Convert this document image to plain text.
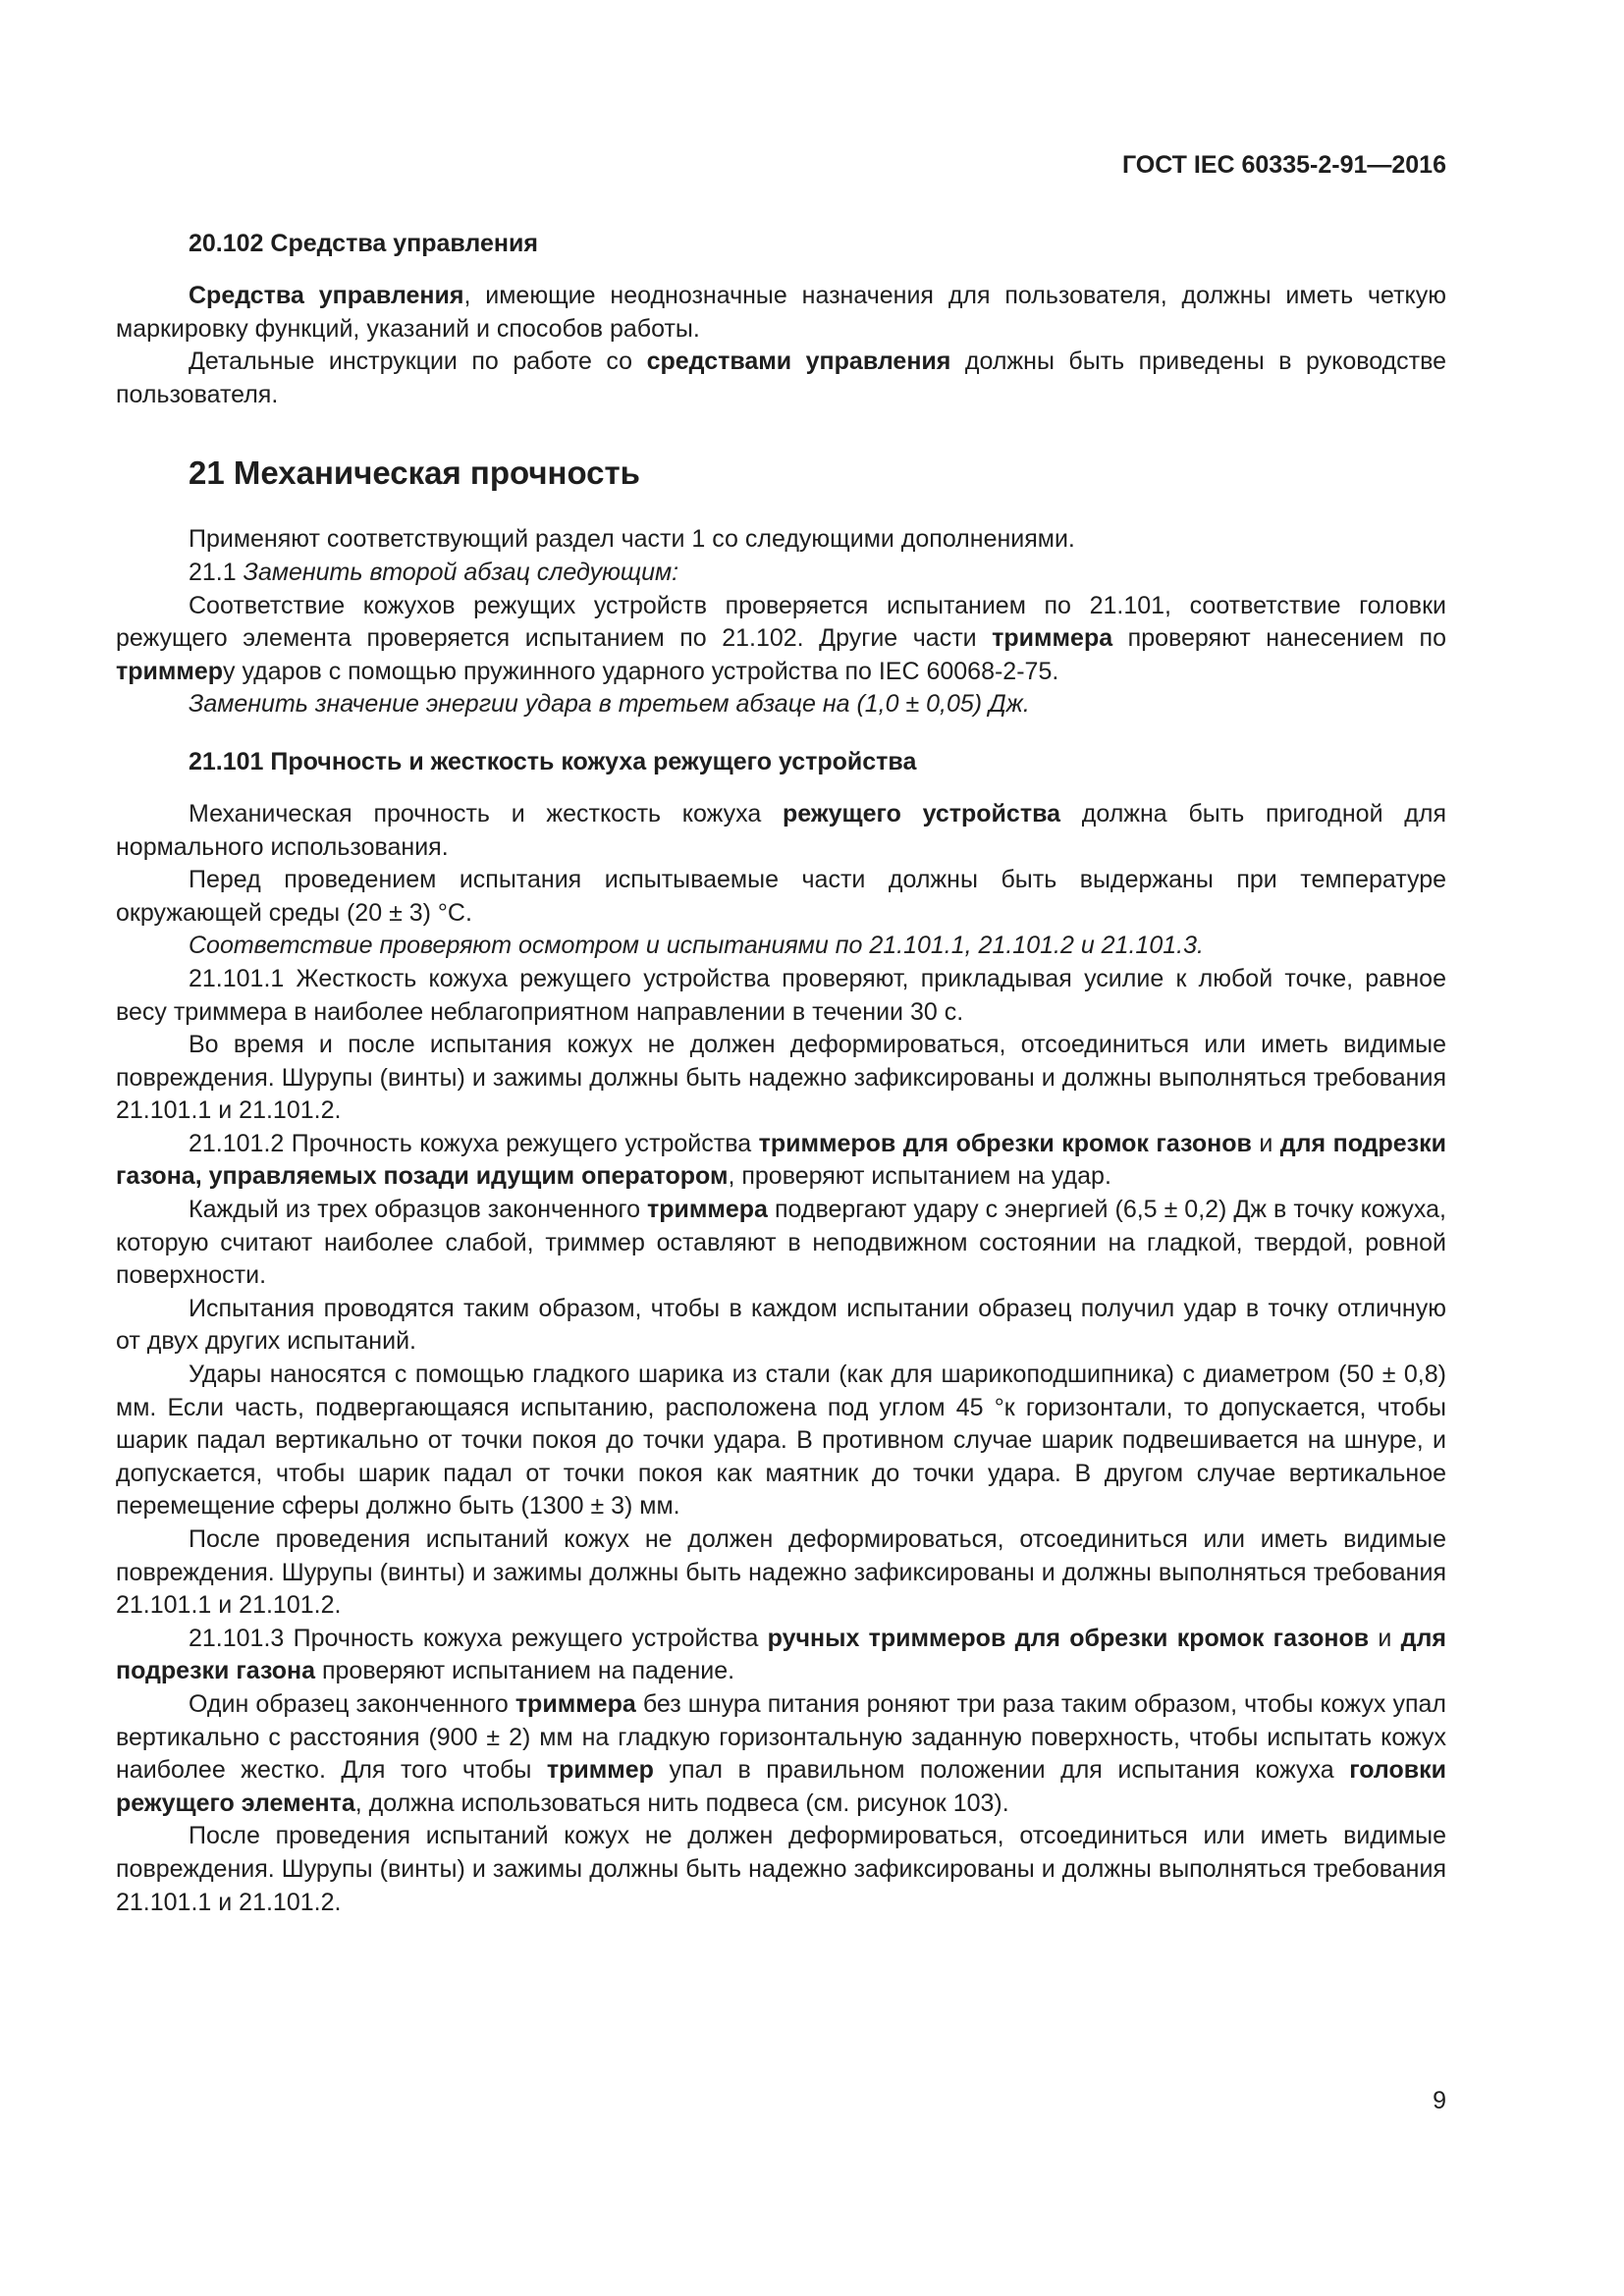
ГОСТ IEC 60335-2-91—2016
20.102 Средства управления

Средства управления, имеющие неоднозначные назначения для пользователя, должны иметь четкую маркировку функций, указаний и способов работы.

Детальные инструкции по работе со средствами управления должны быть приведены в руководстве пользователя.

21 Механическая прочность

Применяют соответствующий раздел части 1 со следующими дополнениями.

21.1 Заменить второй абзац следующим:

Соответствие кожухов режущих устройств проверяется испытанием по 21.101, соответствие головки режущего элемента проверяется испытанием по 21.102. Другие части триммера проверяют нанесением по триммеру ударов с помощью пружинного ударного устройства по IEC 60068-2-75.

Заменить значение энергии удара в третьем абзаце на (1,0 ± 0,05) Дж.

21.101 Прочность и жесткость кожуха режущего устройства

Механическая прочность и жесткость кожуха режущего устройства должна быть пригодной для нормального использования.

Перед проведением испытания испытываемые части должны быть выдержаны при температуре окружающей среды (20 ± 3) °С.

Соответствие проверяют осмотром и испытаниями по 21.101.1, 21.101.2 и 21.101.3.

21.101.1 Жесткость кожуха режущего устройства проверяют, прикладывая усилие к любой точке, равное весу триммера в наиболее неблагоприятном направлении в течении 30 с.

Во время и после испытания кожух не должен деформироваться, отсоединиться или иметь видимые повреждения. Шурупы (винты) и зажимы должны быть надежно зафиксированы и должны выполняться требования 21.101.1 и 21.101.2.

21.101.2 Прочность кожуха режущего устройства триммеров для обрезки кромок газонов и для подрезки газона, управляемых позади идущим оператором, проверяют испытанием на удар.

Каждый из трех образцов законченного триммера подвергают удару с энергией (6,5 ± 0,2) Дж в точку кожуха, которую считают наиболее слабой, триммер оставляют в неподвижном состоянии на гладкой, твердой, ровной поверхности.

Испытания проводятся таким образом, чтобы в каждом испытании образец получил удар в точку отличную от двух других испытаний.

Удары наносятся с помощью гладкого шарика из стали (как для шарикоподшипника) с диаметром (50 ± 0,8) мм. Если часть, подвергающаяся испытанию, расположена под углом 45 °к горизонтали, то допускается, чтобы шарик падал вертикально от точки покоя до точки удара. В противном случае шарик подвешивается на шнуре, и допускается, чтобы шарик падал от точки покоя как маятник до точки удара. В другом случае вертикальное перемещение сферы должно быть (1300 ± 3) мм.

После проведения испытаний кожух не должен деформироваться, отсоединиться или иметь видимые повреждения. Шурупы (винты) и зажимы должны быть надежно зафиксированы и должны выполняться требования 21.101.1 и 21.101.2.

21.101.3 Прочность кожуха режущего устройства ручных триммеров для обрезки кромок газонов и для подрезки газона проверяют испытанием на падение.

Один образец законченного триммера без шнура питания роняют три раза таким образом, чтобы кожух упал вертикально с расстояния (900 ± 2) мм на гладкую горизонтальную заданную поверхность, чтобы испытать кожух наиболее жестко. Для того чтобы триммер упал в правильном положении для испытания кожуха головки режущего элемента, должна использоваться нить подвеса (см. рисунок 103).

После проведения испытаний кожух не должен деформироваться, отсоединиться или иметь видимые повреждения. Шурупы (винты) и зажимы должны быть надежно зафиксированы и должны выполняться требования 21.101.1 и 21.101.2.

9
